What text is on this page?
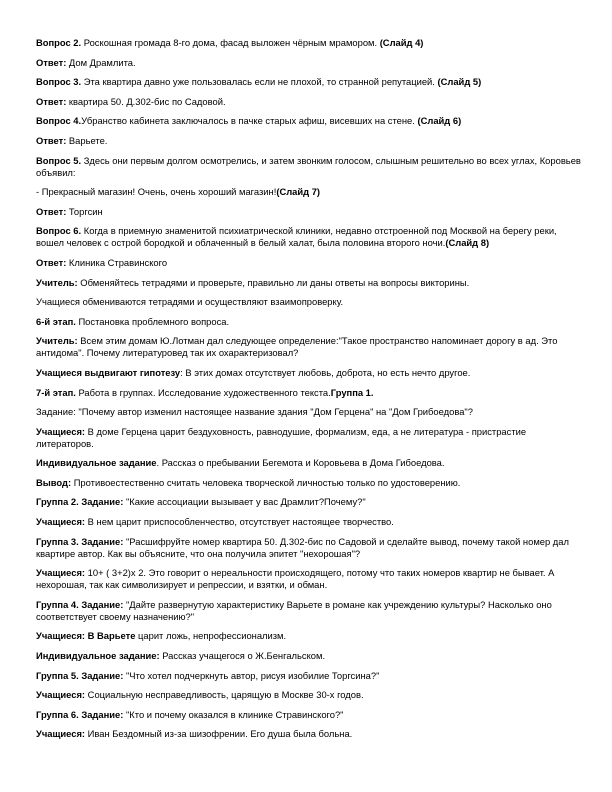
Вопрос 2. Роскошная громада 8-го дома, фасад выложен чёрным мрамором. (Слайд 4)

Ответ: Дом Драмлита.

Вопрос 3. Эта квартира давно уже пользовалась если не плохой, то странной репутацией. (Слайд 5)

Ответ: квартира 50. Д.302-бис по Садовой.

Вопрос 4.Убранство кабинета заключалось в пачке старых афиш, висевших на стене. (Слайд 6)

Ответ: Варьете.

Вопрос 5. Здесь они первым долгом осмотрелись, и затем звонким голосом, слышным решительно во всех углах, Коровьев объявил:

- Прекрасный магазин! Очень, очень хороший магазин!(Слайд 7)

Ответ: Торгсин

Вопрос 6. Когда в приемную знаменитой психиатрической клиники, недавно отстроенной под Москвой на берегу реки, вошел человек с острой бородкой и облаченный в белый халат, была половина второго ночи.(Слайд 8)

Ответ: Клиника Стравинского

Учитель: Обменяйтесь тетрадями и проверьте, правильно ли даны ответы на вопросы викторины.

Учащиеся обмениваются тетрадями и осуществляют взаимопроверку.

6-й этап. Постановка проблемного вопроса.

Учитель: Всем этим домам Ю.Лотман дал следующее определение:"Такое пространство напоминает дорогу в ад. Это антидома". Почему литературовед так их охарактеризовал?

Учащиеся выдвигают гипотезу: В этих домах отсутствует любовь, доброта, но есть нечто другое.

7-й этап. Работа в группах. Исследование художественного текста.Группа 1.

Задание: "Почему автор изменил настоящее название здания "Дом Герцена" на "Дом Грибоедова"?

Учащиеся: В доме Герцена царит бездуховность, равнодушие, формализм, еда, а не литература - пристрастие литераторов.

Индивидуальное задание. Рассказ о пребывании Бегемота и Коровьева в Дома Гибоедова.

Вывод: Противоестественно считать человека творческой личностью только по удостоверению.

Группа 2. Задание: "Какие ассоциации вызывает у вас Драмлит?Почему?"

Учащиеся: В нем царит приспособленчество, отсутствует настоящее творчество.

Группа 3. Задание: "Расшифруйте номер квартира 50. Д.302-бис по Садовой и сделайте вывод, почему такой номер дал квартире автор. Как вы объясните, что она получила эпитет "нехорошая"?

Учащиеся: 10+ ( 3+2)x 2. Это говорит о нереальности происходящего, потому что таких номеров квартир не бывает. А нехорошая, так как символизирует и репрессии, и взятки, и обман.

Группа 4. Задание: "Дайте развернутую характеристику Варьете в романе как учреждению культуры? Насколько оно соответствует своему назначению?"

Учащиеся: В Варьете царит ложь, непрофессионализм.

Индивидуальное задание: Рассказ учащегося о Ж.Бенгальском.

Группа 5. Задание: "Что хотел подчеркнуть автор, рисуя изобилие Торгсина?"

Учащиеся: Социальную несправедливость, царящую в Москве 30-х годов.

Группа 6. Задание: "Кто и почему оказался в клинике Стравинского?"

Учащиеся: Иван Бездомный из-за шизофрении. Его душа была больна.
